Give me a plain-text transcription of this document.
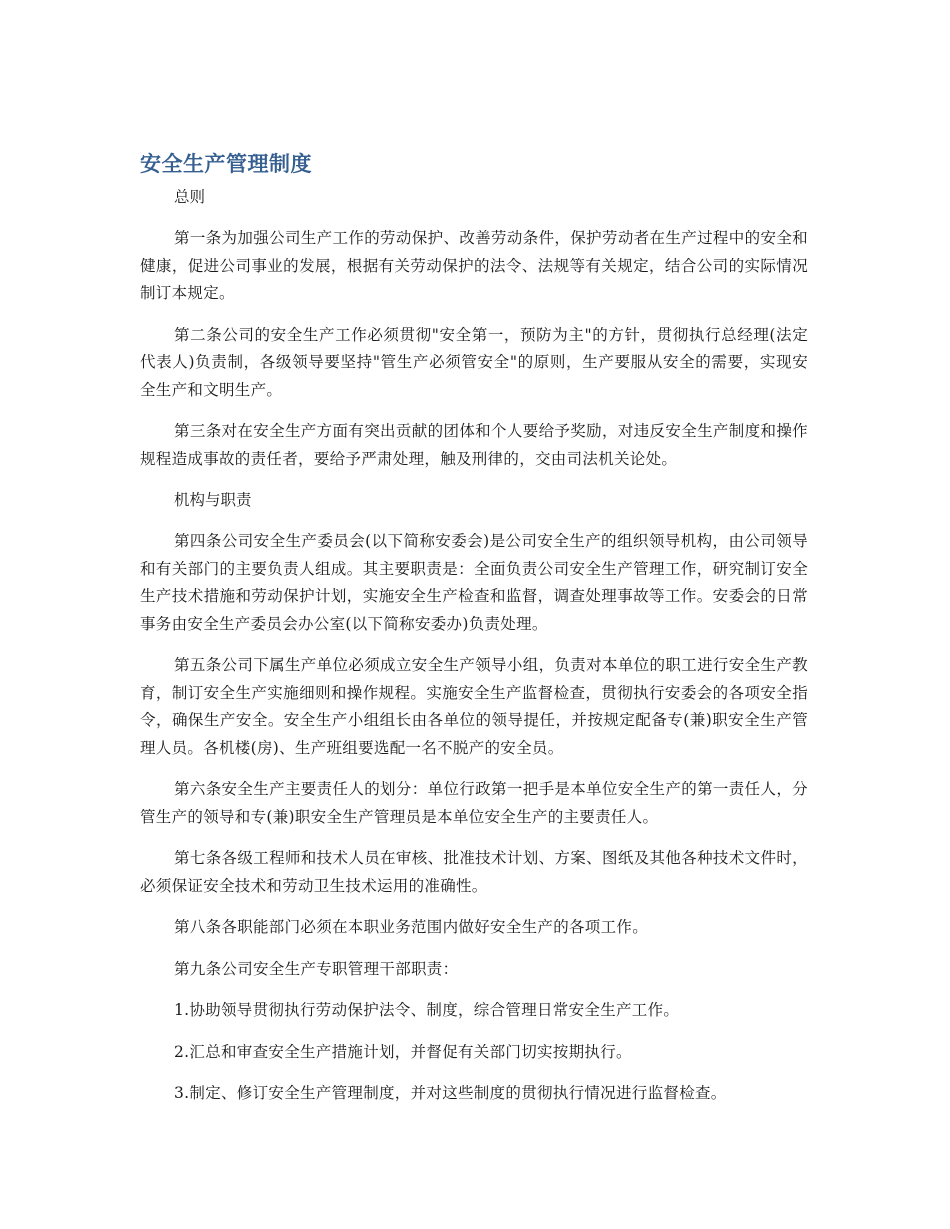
安全生产管理制度

总则

第一条为加强公司生产工作的劳动保护、改善劳动条件，保护劳动者在生产过程中的安全和健康，促进公司事业的发展，根据有关劳动保护的法令、法规等有关规定，结合公司的实际情况制订本规定。

第二条公司的安全生产工作必须贯彻"安全第一，预防为主"的方针，贯彻执行总经理(法定代表人)负责制，各级领导要坚持"管生产必须管安全"的原则，生产要服从安全的需要，实现安全生产和文明生产。

第三条对在安全生产方面有突出贡献的团体和个人要给予奖励，对违反安全生产制度和操作规程造成事故的责任者，要给予严肃处理，触及刑律的，交由司法机关论处。

机构与职责

第四条公司安全生产委员会(以下简称安委会)是公司安全生产的组织领导机构，由公司领导和有关部门的主要负责人组成。其主要职责是：全面负责公司安全生产管理工作，研究制订安全生产技术措施和劳动保护计划，实施安全生产检查和监督，调查处理事故等工作。安委会的日常事务由安全生产委员会办公室(以下简称安委办)负责处理。

第五条公司下属生产单位必须成立安全生产领导小组，负责对本单位的职工进行安全生产教育，制订安全生产实施细则和操作规程。实施安全生产监督检查，贯彻执行安委会的各项安全指令，确保生产安全。安全生产小组组长由各单位的领导提任，并按规定配备专(兼)职安全生产管理人员。各机楼(房)、生产班组要选配一名不脱产的安全员。

第六条安全生产主要责任人的划分：单位行政第一把手是本单位安全生产的第一责任人，分管生产的领导和专(兼)职安全生产管理员是本单位安全生产的主要责任人。

第七条各级工程师和技术人员在审核、批准技术计划、方案、图纸及其他各种技术文件时，必须保证安全技术和劳动卫生技术运用的准确性。

第八条各职能部门必须在本职业务范围内做好安全生产的各项工作。

第九条公司安全生产专职管理干部职责：

1.协助领导贯彻执行劳动保护法令、制度，综合管理日常安全生产工作。

2.汇总和审查安全生产措施计划，并督促有关部门切实按期执行。

3.制定、修订安全生产管理制度，并对这些制度的贯彻执行情况进行监督检查。
